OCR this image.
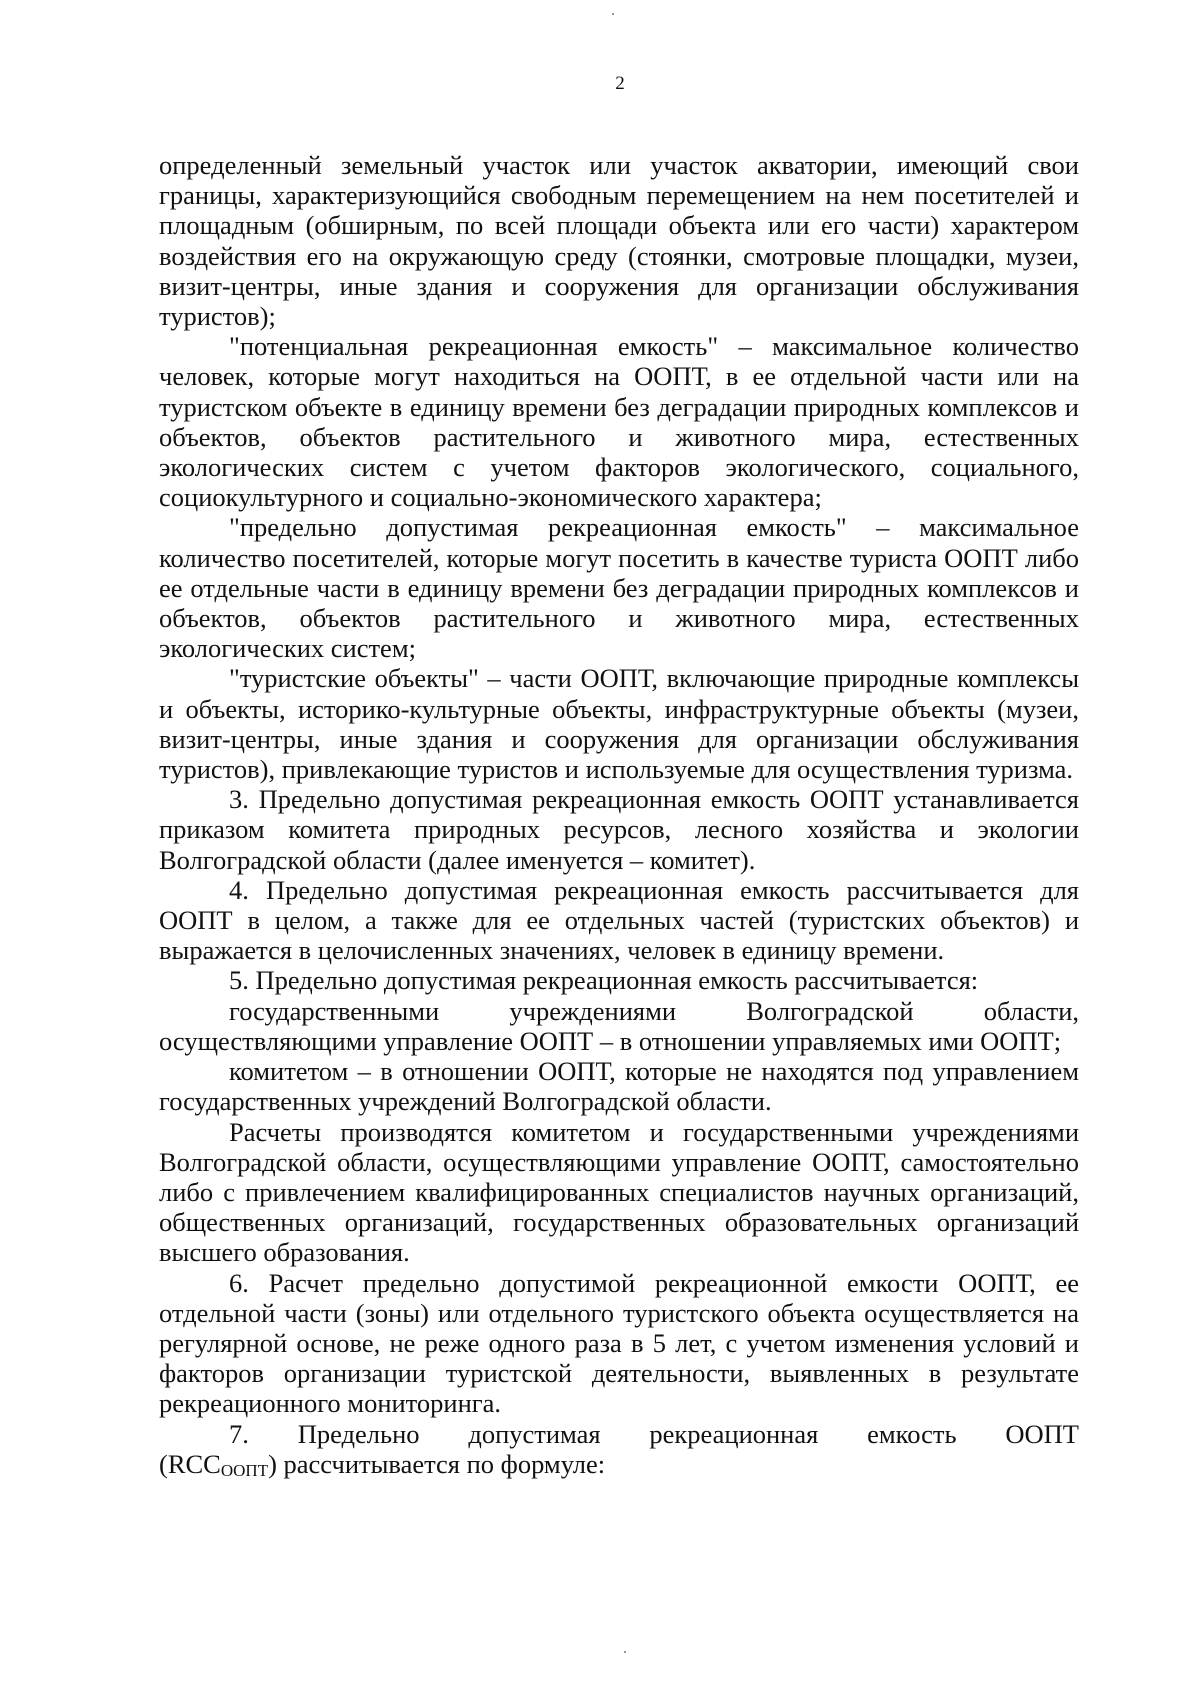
2

определенный земельный участок или участок акватории, имеющий свои границы, характеризующийся свободным перемещением на нем посетителей и площадным (обширным, по всей площади объекта или его части) характером воздействия его на окружающую среду (стоянки, смотровые площадки, музеи, визит-центры, иные здания и сооружения для организации обслуживания туристов);

"потенциальная рекреационная емкость" – максимальное количество человек, которые могут находиться на ООПТ, в ее отдельной части или на туристском объекте в единицу времени без деградации природных комплексов и объектов, объектов растительного и животного мира, естественных экологических систем с учетом факторов экологического, социального, социокультурного и социально-экономического характера;

"предельно допустимая рекреационная емкость" – максимальное количество посетителей, которые могут посетить в качестве туриста ООПТ либо ее отдельные части в единицу времени без деградации природных комплексов и объектов, объектов растительного и животного мира, естественных экологических систем;

"туристские объекты" – части ООПТ, включающие природные комплексы и объекты, историко-культурные объекты, инфраструктурные объекты (музеи, визит-центры, иные здания и сооружения для организации обслуживания туристов), привлекающие туристов и используемые для осуществления туризма.

3. Предельно допустимая рекреационная емкость ООПТ устанавливается приказом комитета природных ресурсов, лесного хозяйства и экологии Волгоградской области (далее именуется – комитет).

4. Предельно допустимая рекреационная емкость рассчитывается для ООПТ в целом, а также для ее отдельных частей (туристских объектов) и выражается в целочисленных значениях, человек в единицу времени.

5. Предельно допустимая рекреационная емкость рассчитывается:

государственными учреждениями Волгоградской области, осуществляющими управление ООПТ – в отношении управляемых ими ООПТ;

комитетом – в отношении ООПТ, которые не находятся под управлением государственных учреждений Волгоградской области.

Расчеты производятся комитетом и государственными учреждениями Волгоградской области, осуществляющими управление ООПТ, самостоятельно либо с привлечением квалифицированных специалистов научных организаций, общественных организаций, государственных образовательных организаций высшего образования.

6. Расчет предельно допустимой рекреационной емкости ООПТ, ее отдельной части (зоны) или отдельного туристского объекта осуществляется на регулярной основе, не реже одного раза в 5 лет, с учетом изменения условий и факторов организации туристской деятельности, выявленных в результате рекреационного мониторинга.

7. Предельно допустимая рекреационная емкость ООПТ

(RCCООПТ) рассчитывается по формуле:
